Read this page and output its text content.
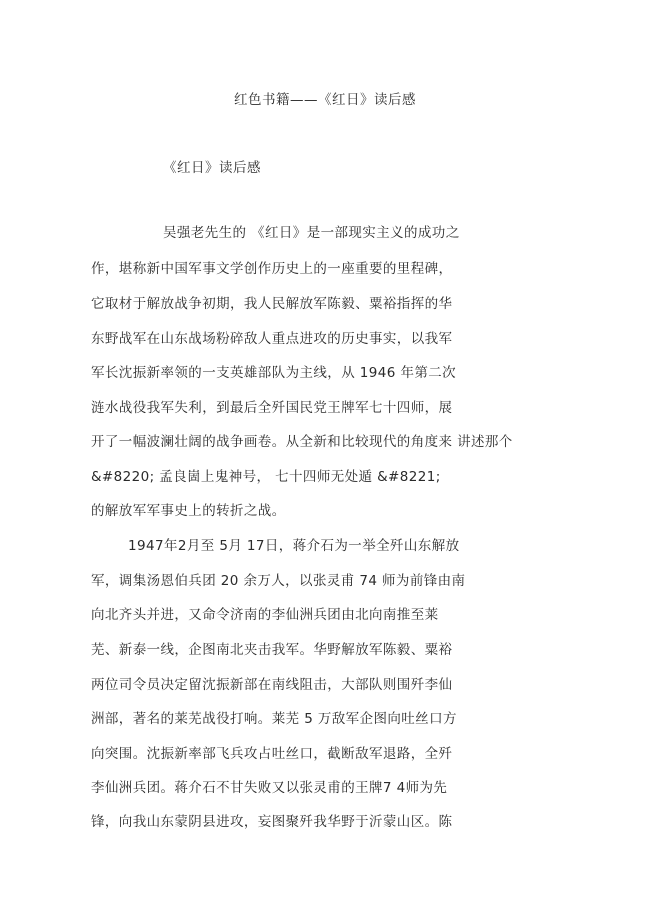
红色书籍——《红日》读后感
《红日》读后感
吴强老先生的 《红日》是一部现实主义的成功之
作，堪称新中国军事文学创作历史上的一座重要的里程碑，
它取材于解放战争初期，我人民解放军陈毅、粟裕指挥的华
东野战军在山东战场粉碎敌人重点进攻的历史事实，以我军
军长沈振新率领的一支英雄部队为主线，从 1946 年第二次
涟水战役我军失利，到最后全歼国民党王牌军七十四师，展
开了一幅波澜壮阔的战争画卷。从全新和比较现代的角度来 讲述那个
&#8220; 孟良崮上鬼神号， 七十四师无处遁 &#8221;
的解放军军事史上的转折之战。
1947年2月至 5月 17日，蒋介石为一举全歼山东解放
军，调集汤恩伯兵团 20 余万人，以张灵甫 74 师为前锋由南
向北齐头并进，又命令济南的李仙洲兵团由北向南推至莱
芜、新泰一线，企图南北夹击我军。华野解放军陈毅、粟裕
两位司令员决定留沈振新部在南线阻击，大部队则围歼李仙
洲部，著名的莱芜战役打响。莱芜 5 万敌军企图向吐丝口方
向突围。沈振新率部飞兵攻占吐丝口，截断敌军退路，全歼
李仙洲兵团。蒋介石不甘失败又以张灵甫的王牌7 4师为先
锋，向我山东蒙阴县进攻，妄图聚歼我华野于沂蒙山区。陈
